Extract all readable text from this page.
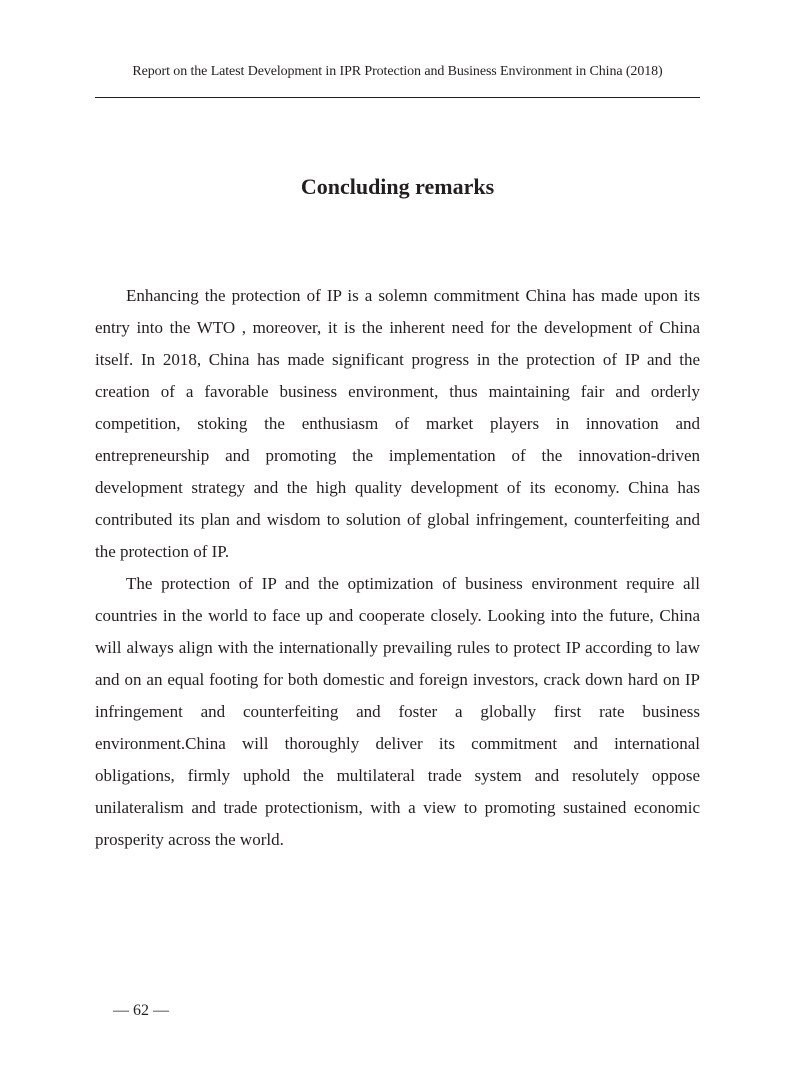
Report on the Latest Development in IPR Protection and Business Environment in China (2018)
Concluding remarks

Enhancing the protection of IP is a solemn commitment China has made upon its entry into the WTO , moreover, it is the inherent need for the development of China itself. In 2018, China has made significant progress in the protection of IP and the creation of a favorable business environment, thus maintaining fair and orderly competition, stoking the enthusiasm of market players in innovation and entrepreneurship and promoting the implementation of the innovation-driven development strategy and the high quality development of its economy. China has contributed its plan and wisdom to solution of global infringement, counterfeiting and the protection of IP.

The protection of IP and the optimization of business environment require all countries in the world to face up and cooperate closely. Looking into the future, China will always align with the internationally prevailing rules to protect IP according to law and on an equal footing for both domestic and foreign investors, crack down hard on IP infringement and counterfeiting and foster a globally first rate business environment.China will thoroughly deliver its commitment and international obligations, firmly uphold the multilateral trade system and resolutely oppose unilateralism and trade protectionism, with a view to promoting sustained economic prosperity across the world.

— 62 —
